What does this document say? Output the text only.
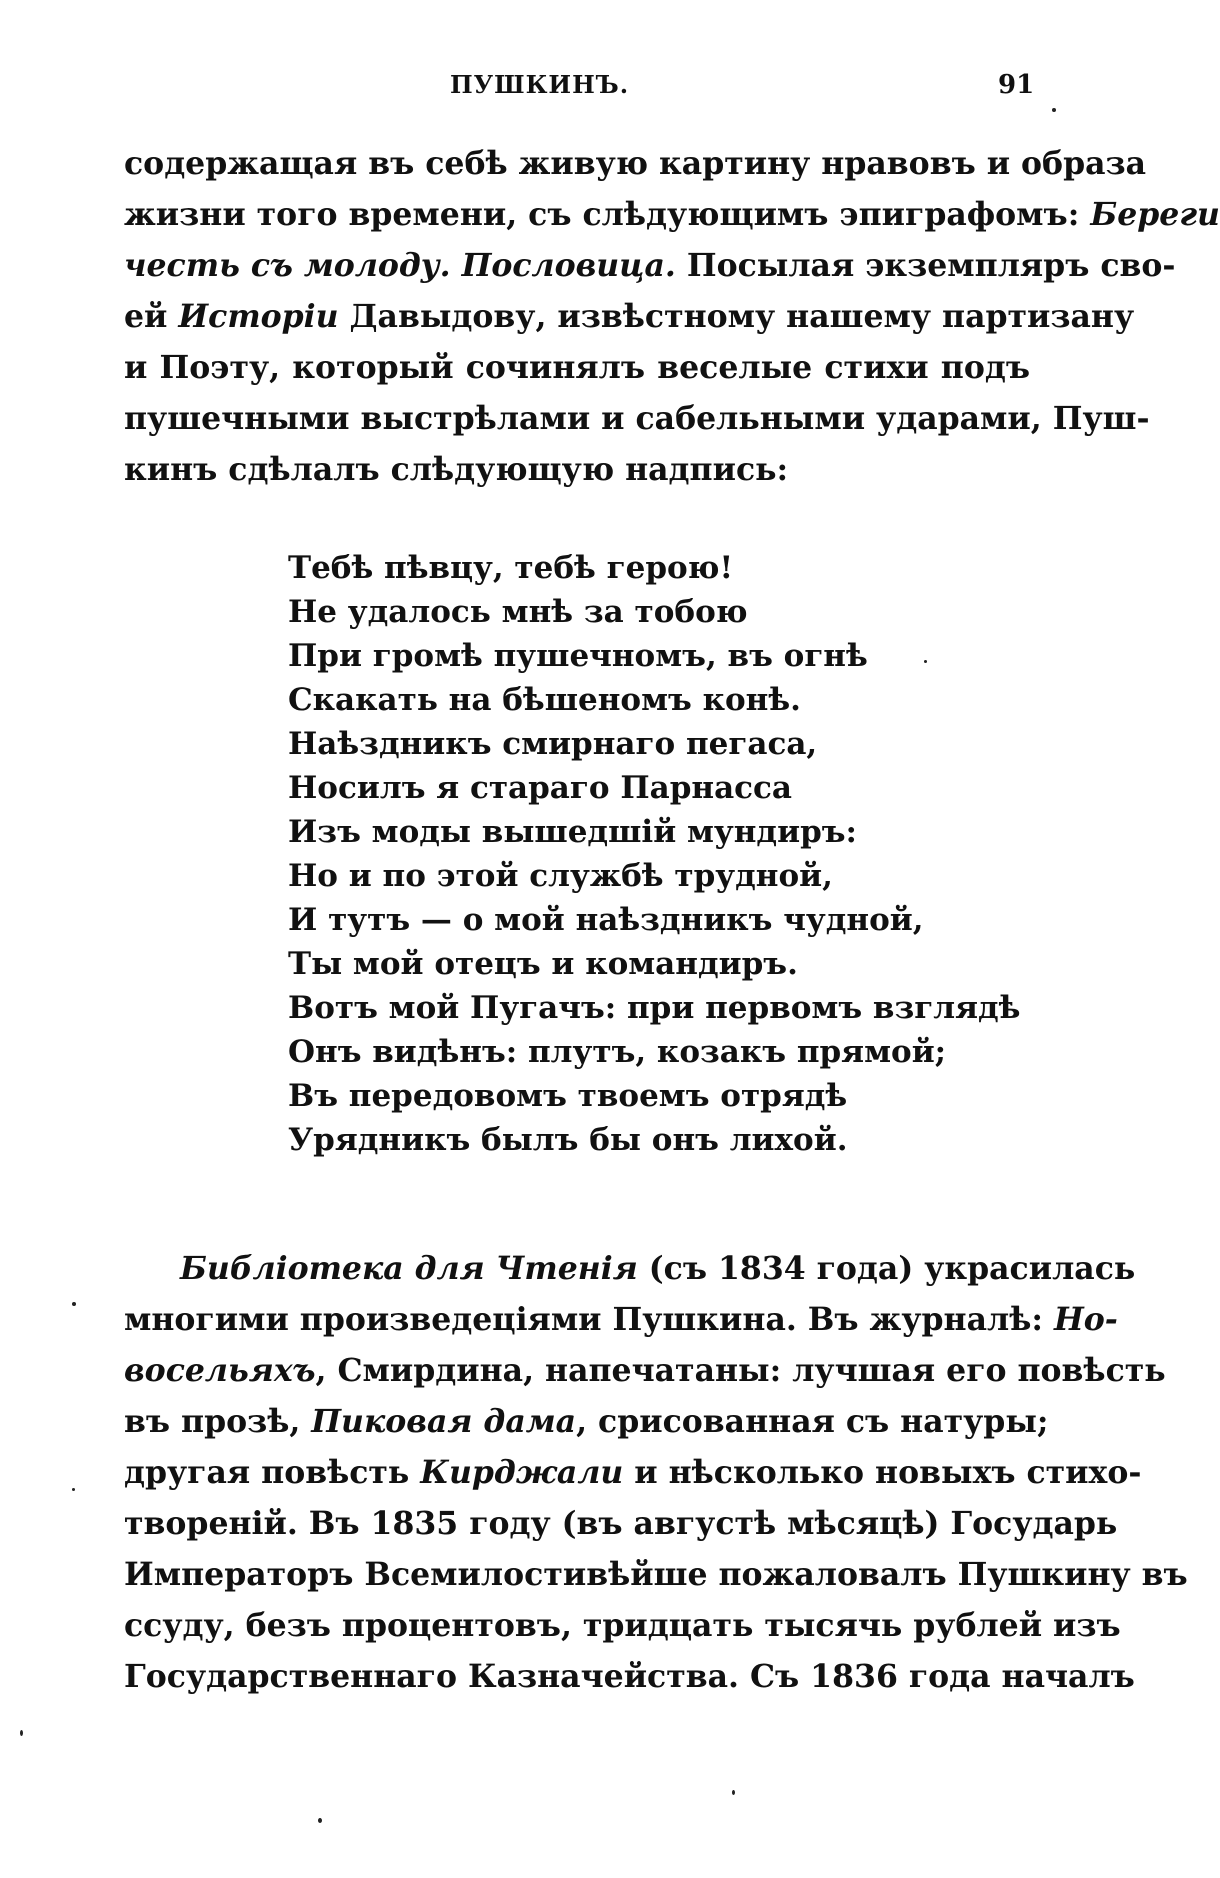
ПУШКИНЪ.	91
содержащая въ себѣ живую картину нравовъ и образа
жизни того времени, съ слѣдующимъ эпиграфомъ: Береги
честь съ молоду. Пословица. Посылая экземпляръ сво-
ей Исторіи Давыдову, извѣстному нашему партизану
и Поэту, который сочинялъ веселые стихи подъ
пушечными выстрѣлами и сабельными ударами, Пуш-
кинъ сдѣлалъ слѣдующую надпись:
Тебѣ пѣвцу, тебѣ герою!
Не удалось мнѣ за тобою
При громѣ пушечномъ, въ огнѣ
Скакать на бѣшеномъ конѣ.
Наѣздникъ смирнаго пегаса,
Носилъ я стараго Парнасса
Изъ моды вышедшій мундиръ:
Но и по этой службѣ трудной,
И тутъ — о мой наѣздникъ чудной,
Ты мой отецъ и командиръ.
Вотъ мой Пугачъ: при первомъ взглядѣ
Онъ видѣнъ: плутъ, козакъ прямой;
Въ передовомъ твоемъ отрядѣ
Урядникъ былъ бы онъ лихой.
Библіотека для Чтенія (съ 1834 года) украсилась
многими произведеціями Пушкина. Въ журналѣ: Но-
восельяхъ, Смирдина, напечатаны: лучшая его повѣсть
въ прозѣ, Пиковая дама, срисованная съ натуры;
другая повѣсть Кирджали и нѣсколько новыхъ стихо-
твореній. Въ 1835 году (въ августѣ мѣсяцѣ) Государь
Императоръ Всемилостивѣйше пожаловалъ Пушкину въ
ссуду, безъ процентовъ, тридцать тысячь рублей изъ
Государственнаго Казначейства. Съ 1836 года началъ
